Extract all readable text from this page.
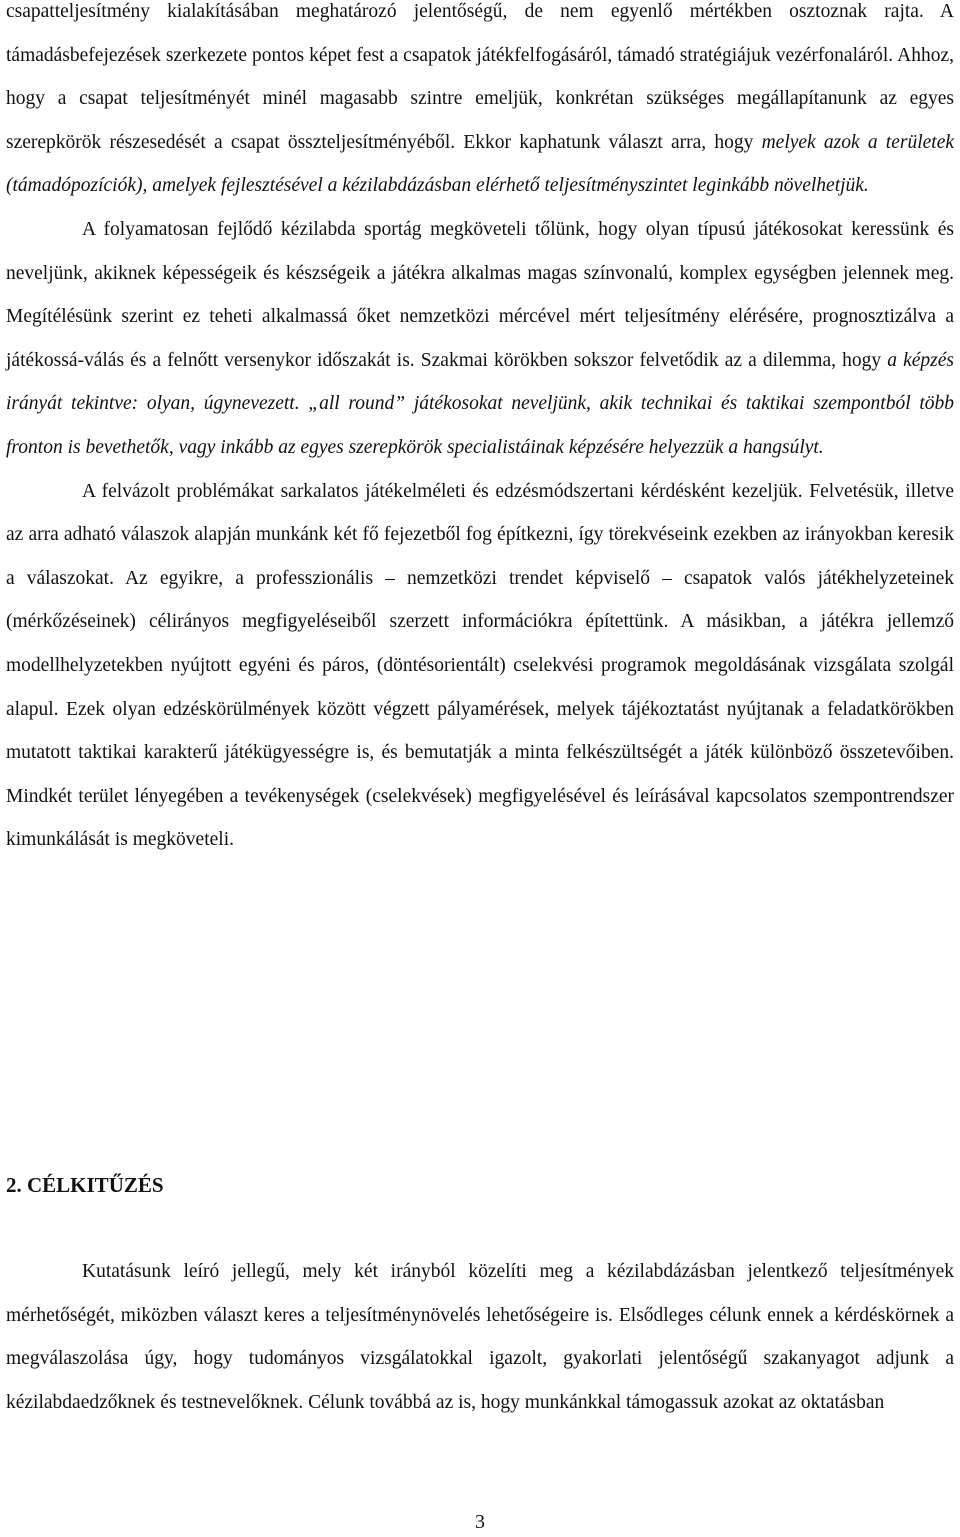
csapatteljesítmény kialakításában meghatározó jelentőségű, de nem egyenlő mértékben osztoznak rajta. A támadásbefejezések szerkezete pontos képet fest a csapatok játékfelfogásáról, támadó stratégiájuk vezérfonaláról. Ahhoz, hogy a csapat teljesítményét minél magasabb szintre emeljük, konkrétan szükséges megállapítanunk az egyes szerepkörök részesedését a csapat összteljesítményéből. Ekkor kaphatunk választ arra, hogy melyek azok a területek (támadópozíciók), amelyek fejlesztésével a kézilabdázásban elérhető teljesítményszintet leginkább növelhetjük.

A folyamatosan fejlődő kézilabda sportág megköveteli tőlünk, hogy olyan típusú játékosokat keressünk és neveljünk, akiknek képességeik és készségeik a játékra alkalmas magas színvonalú, komplex egységben jelennek meg. Megítélésünk szerint ez teheti alkalmassá őket nemzetközi mércével mért teljesítmény elérésére, prognosztizálva a játékossá-válás és a felnőtt versenykor időszakát is. Szakmai körökben sokszor felvetődik az a dilemma, hogy a képzés irányát tekintve: olyan, úgynevezett. „all round” játékosokat neveljünk, akik technikai és taktikai szempontból több fronton is bevethetők, vagy inkább az egyes szerepkörök specialistáinak képzésére helyezzük a hangsúlyt.

A felvázolt problémákat sarkalatos játékelméleti és edzésmódszertani kérdésként kezeljük. Felvetésük, illetve az arra adható válaszok alapján munkánk két fő fejezetből fog építkezni, így törekvéseink ezekben az irányokban keresik a válaszokat. Az egyikre, a professzionális – nemzetközi trendet képviselő – csapatok valós játékhelyzeteinek (mérkőzéseinek) célirányos megfigyeléseiből szerzett információkra építettünk. A másikban, a játékra jellemző modellhelyzetekben nyújtott egyéni és páros, (döntésorientált) cselekvési programok megoldásának vizsgálata szolgál alapul. Ezek olyan edzéskörülmények között végzett pályamérések, melyek tájékoztatást nyújtanak a feladatkörökben mutatott taktikai karakterű játékügyességre is, és bemutatják a minta felkészültségét a játék különböző összetevőiben. Mindkét terület lényegében a tevékenységek (cselekvések) megfigyelésével és leírásával kapcsolatos szempontrendszer kimunkálását is megköveteli.

2. CÉLKITŰZÉS

Kutatásunk leíró jellegű, mely két irányból közelíti meg a kézilabdázásban jelentkező teljesítmények mérhetőségét, miközben választ keres a teljesítménynövelés lehetőségeire is. Elsődleges célunk ennek a kérdéskörnek a megválaszolása úgy, hogy tudományos vizsgálatokkal igazolt, gyakorlati jelentőségű szakanyagot adjunk a kézilabdaedzőknek és testnevelőknek. Célunk továbbá az is, hogy munkánkkal támogassuk azokat az oktatásban

3
